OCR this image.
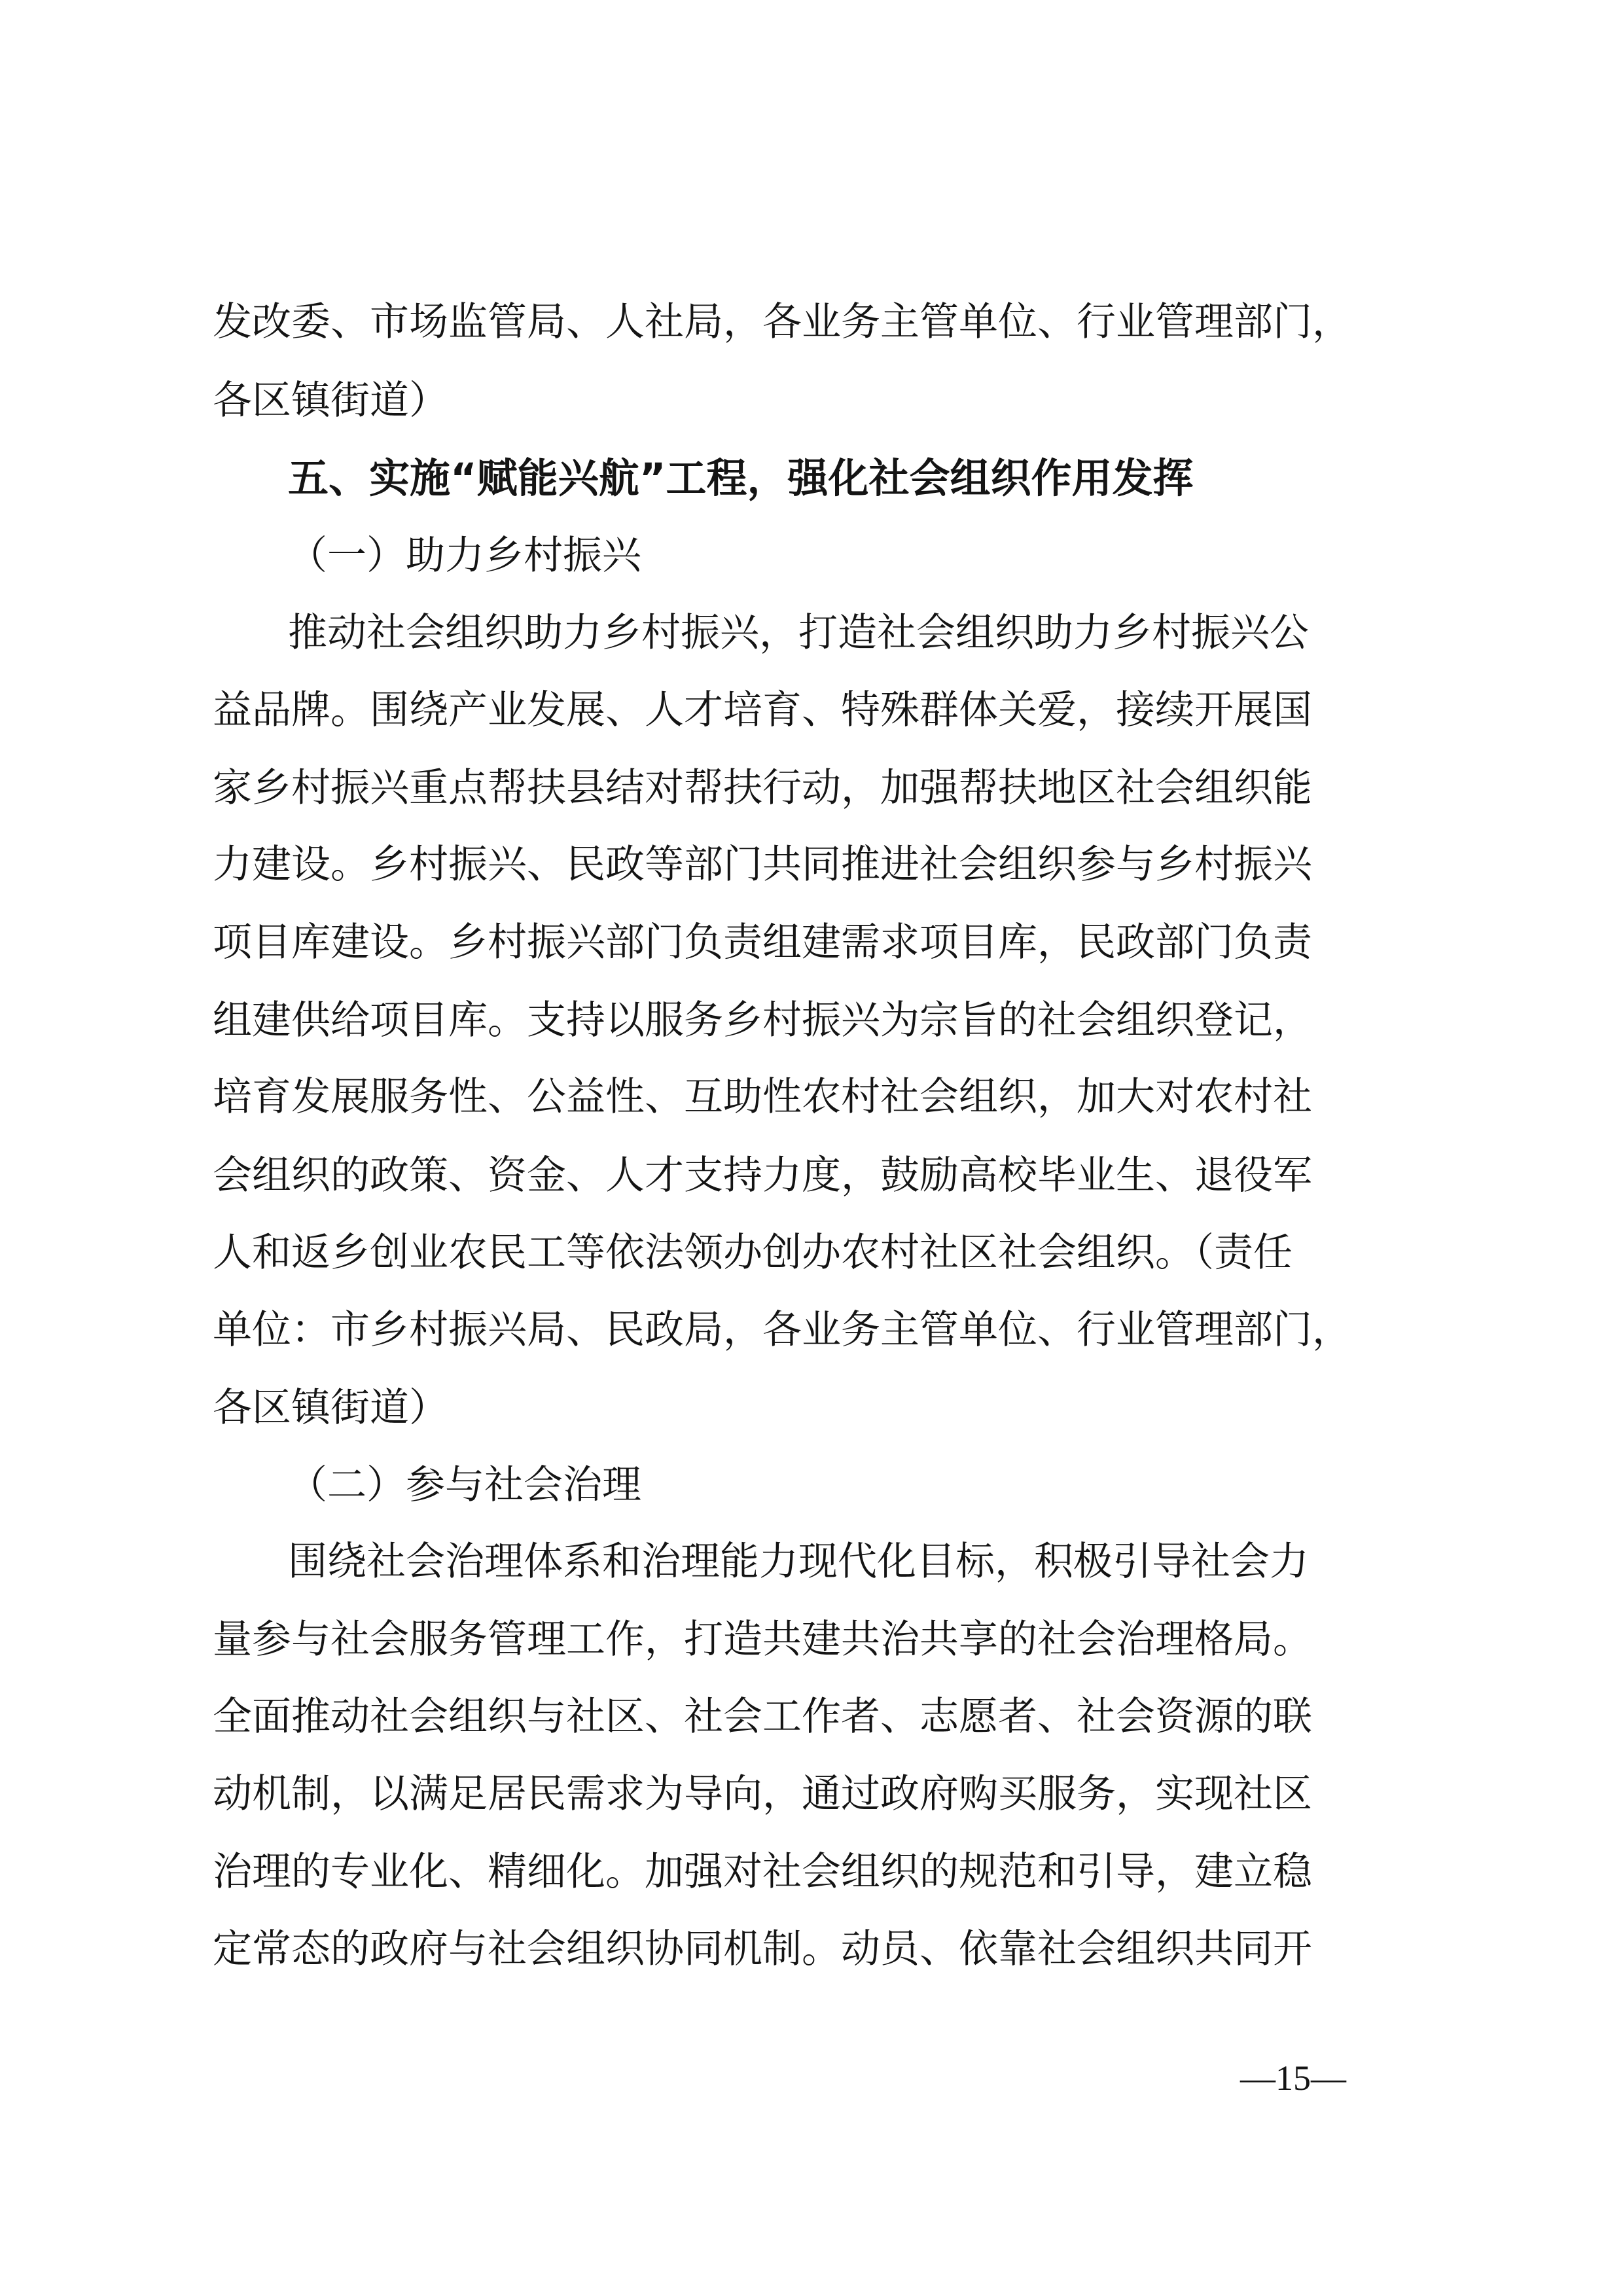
发改委、市场监管局、人社局，各业务主管单位、行业管理部门，
各区镇街道）
五、实施“赋能兴航”工程，强化社会组织作用发挥
（一）助力乡村振兴
推动社会组织助力乡村振兴，打造社会组织助力乡村振兴公
益品牌。围绕产业发展、人才培育、特殊群体关爱，接续开展国
家乡村振兴重点帮扶县结对帮扶行动，加强帮扶地区社会组织能
力建设。乡村振兴、民政等部门共同推进社会组织参与乡村振兴
项目库建设。乡村振兴部门负责组建需求项目库，民政部门负责
组建供给项目库。支持以服务乡村振兴为宗旨的社会组织登记，
培育发展服务性、公益性、互助性农村社会组织，加大对农村社
会组织的政策、资金、人才支持力度，鼓励高校毕业生、退役军
人和返乡创业农民工等依法领办创办农村社区社会组织。（责任
单位：市乡村振兴局、民政局，各业务主管单位、行业管理部门，
各区镇街道）
（二）参与社会治理
围绕社会治理体系和治理能力现代化目标，积极引导社会力
量参与社会服务管理工作，打造共建共治共享的社会治理格局。
全面推动社会组织与社区、社会工作者、志愿者、社会资源的联
动机制，以满足居民需求为导向，通过政府购买服务，实现社区
治理的专业化、精细化。加强对社会组织的规范和引导，建立稳
定常态的政府与社会组织协同机制。动员、依靠社会组织共同开
—15—
